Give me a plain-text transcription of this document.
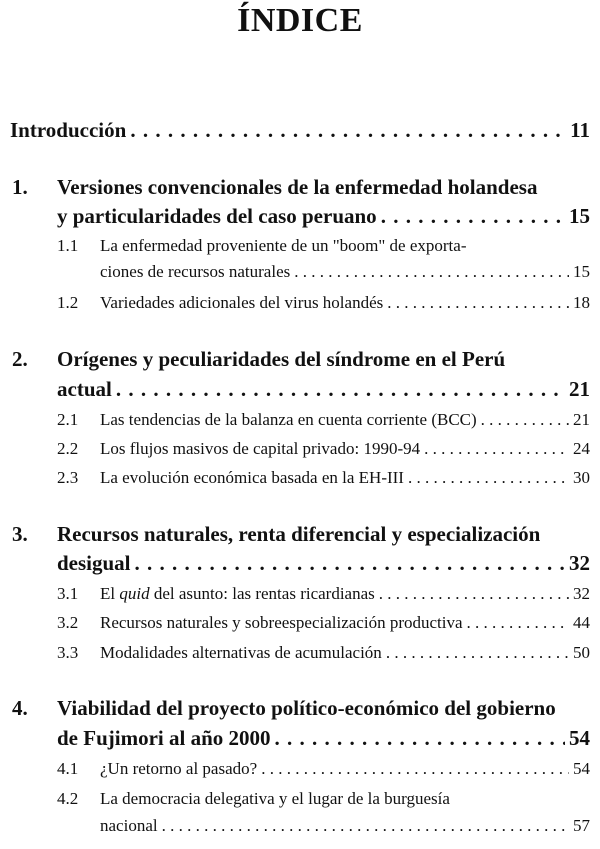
ÍNDICE
Introducción . . .	11
1. Versiones convencionales de la enfermedad holandesa
y particularidades del caso peruano . . .	15
1.1 La enfermedad proveniente de un "boom" de exporta-
ciones de recursos naturales . . .	15
1.2 Variedades adicionales del virus holandés . . .	18
2. Orígenes y peculiaridades del síndrome en el Perú
actual . . .	21
2.1 Las tendencias de la balanza en cuenta corriente (BCC) . . .	21
2.2 Los flujos masivos de capital privado: 1990-94 . . .	24
2.3 La evolución económica basada en la EH-III . . .	30
3. Recursos naturales, renta diferencial y especialización
desigual . . .	32
3.1 El quid del asunto: las rentas ricardianas . . .	32
3.2 Recursos naturales y sobreespecialización productiva . . .	44
3.3 Modalidades alternativas de acumulación . . .	50
4. Viabilidad del proyecto político-económico del gobierno
de Fujimori al año 2000 . . .	54
4.1 ¿Un retorno al pasado? . . .	54
4.2 La democracia delegativa y el lugar de la burguesía
nacional . . .	57
